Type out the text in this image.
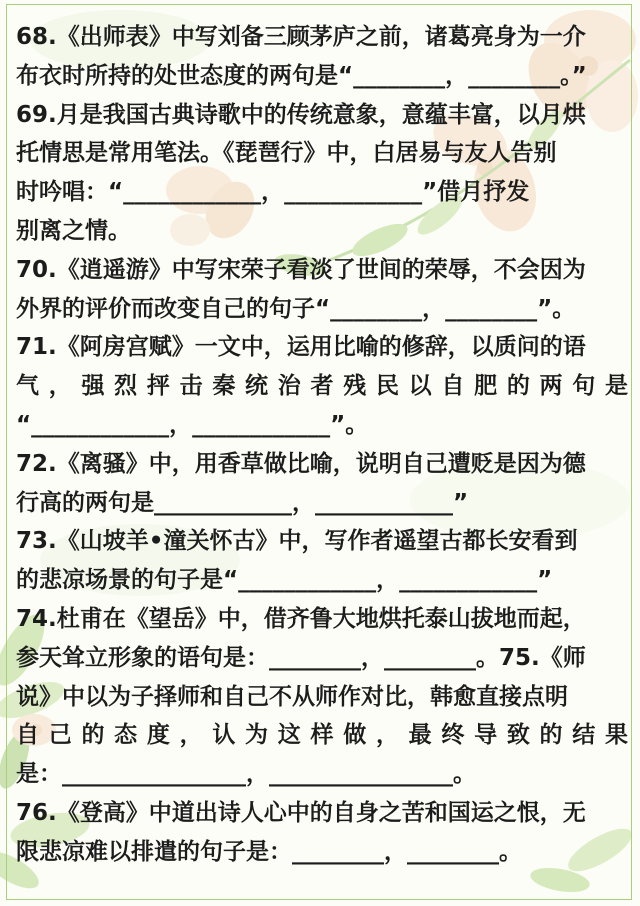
68.《出师表》中写刘备三顾茅庐之前，诸葛亮身为一介
布衣时所持的处世态度的两句是“________，________。”
69.月是我国古典诗歌中的传统意象，意蕴丰富，以月烘
托情思是常用笔法。《琵琶行》中，白居易与友人告别
时吟唱：“____________，____________”借月抒发
别离之情。
70.《逍遥游》中写宋荣子看淡了世间的荣辱，不会因为
外界的评价而改变自己的句子“________，________”。
71.《阿房宫赋》一文中，运用比喻的修辞，以质问的语
气，强烈抨击秦统治者残民以自肥的两句是
“____________，____________”。
72.《离骚》中，用香草做比喻，说明自己遭贬是因为德
行高的两句是____________，____________”
73.《山坡羊•潼关怀古》中，写作者遥望古都长安看到
的悲凉场景的句子是“____________，____________”
74.杜甫在《望岳》中，借齐鲁大地烘托泰山拔地而起，
参天耸立形象的语句是：________，________。75.《师
说》中以为子择师和自己不从师作对比，韩愈直接点明
自己的态度，认为这样做，最终导致的结果
是：________________，________________。
76.《登高》中道出诗人心中的自身之苦和国运之恨，无
限悲凉难以排遣的句子是：________，________。
